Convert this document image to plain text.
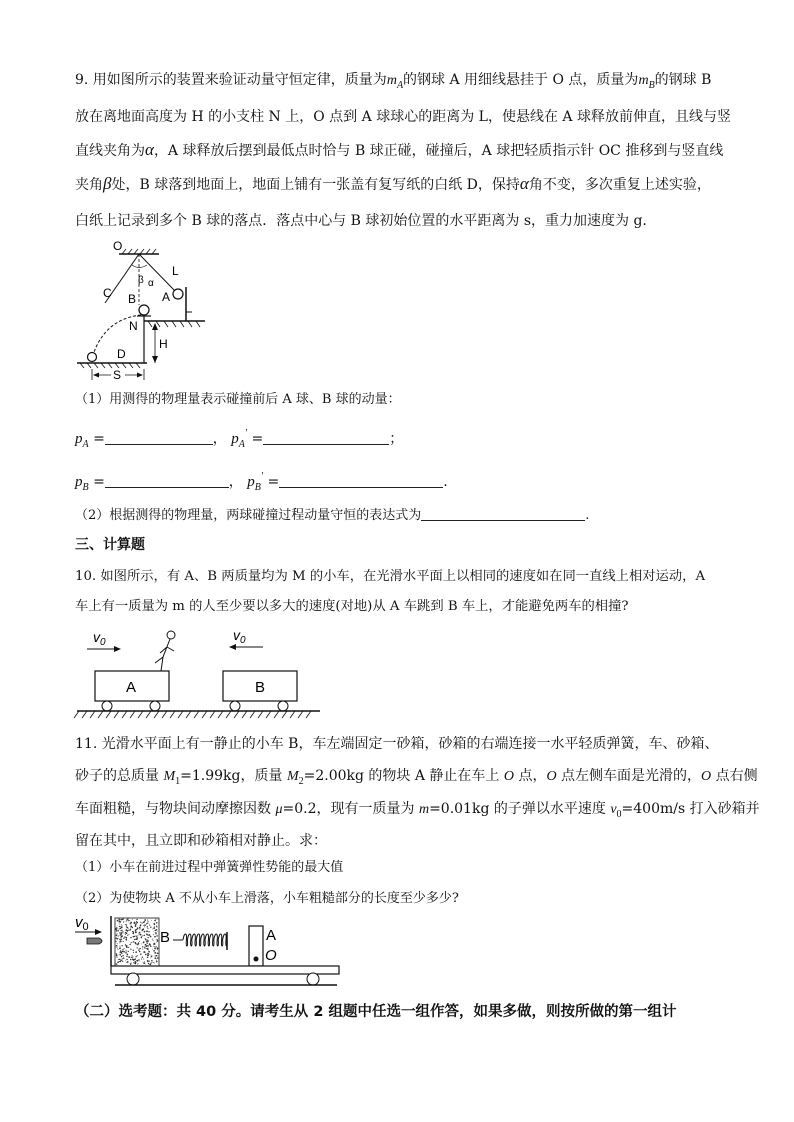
9. 用如图所示的装置来验证动量守恒定律，质量为$m_A$的钢球 A 用细线悬挂于 O 点，质量为$m_B$的钢球 B
放在离地面高度为 H 的小支柱 N 上，O 点到 A 球球心的距离为 L，使悬线在 A 球释放前伸直，且线与竖
直线夹角为α，A 球释放后摆到最低点时恰与 B 球正碰，碰撞后，A 球把轻质指示针 OC 推移到与竖直线
夹角β处，B 球落到地面上，地面上铺有一张盖有复写纸的白纸 D，保持α角不变，多次重复上述实验，
白纸上记录到多个 B 球的落点．落点中心与 B 球初始位置的水平距离为 s，重力加速度为 g.
O
β α
L
C B A
N
H
D
S
（1）用测得的物理量表示碰撞前后 A 球、B 球的动量：
$p_A$ =	， $p_A'$ =	；
$p_B$ =	， $p_B'$ =	.
（2）根据测得的物理量，两球碰撞过程动量守恒的表达式为	.
三、计算题
10. 如图所示，有 A、B 两质量均为 M 的小车，在光滑水平面上以相同的速度如在同一直线上相对运动，A
车上有一质量为 m 的人至少要以多大的速度(对地)从 A 车跳到 B 车上，才能避免两车的相撞?
$v_0$	$v_0$
A	B
11. 光滑水平面上有一静止的小车 B，车左端固定一砂箱，砂箱的右端连接一水平轻质弹簧，车、砂箱、
砂子的总质量 $M_1=1.99kg$，质量 $M_2=2.00kg$ 的物块 A 静止在车上 O 点，O 点左侧车面是光滑的，O 点右侧
车面粗糙，与物块间动摩擦因数 μ=0.2，现有一质量为 m=0.01kg 的子弹以水平速度 $v_0=400m/s$ 打入砂箱并
留在其中，且立即和砂箱相对静止。求：
（1）小车在前进过程中弹簧弹性势能的最大值
（2）为使物块 A 不从小车上滑落，小车粗糙部分的长度至少多少?
$v_0$
B	A
O
（二）选考题：共 40 分。请考生从 2 组题中任选一组作答，如果多做，则按所做的第一组计
